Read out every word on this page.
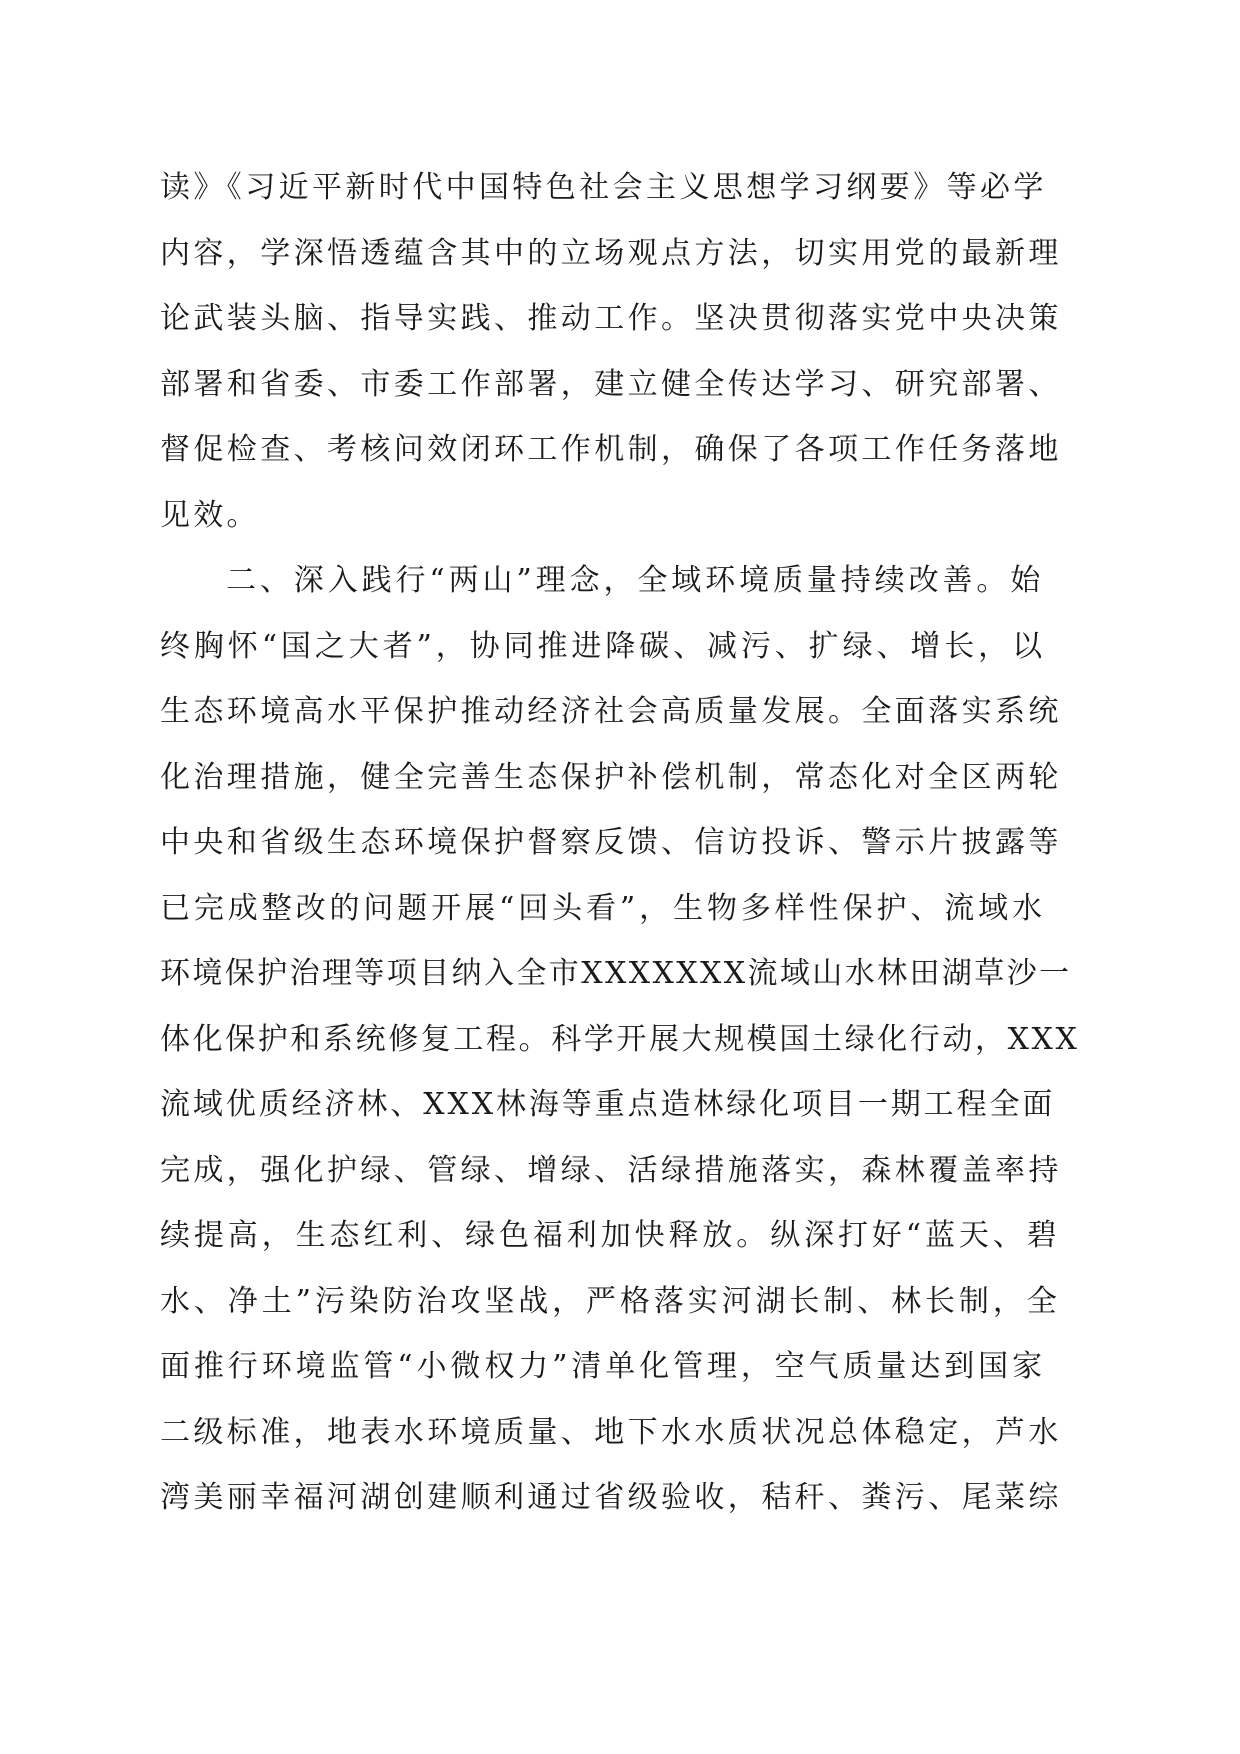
读》《习近平新时代中国特色社会主义思想学习纲要》等必学
内容，学深悟透蕴含其中的立场观点方法，切实用党的最新理
论武装头脑、指导实践、推动工作。坚决贯彻落实党中央决策
部署和省委、市委工作部署，建立健全传达学习、研究部署、
督促检查、考核问效闭环工作机制，确保了各项工作任务落地
见效。
二、深入践行“两山”理念，全域环境质量持续改善。始
终胸怀“国之大者”，协同推进降碳、减污、扩绿、增长，以
生态环境高水平保护推动经济社会高质量发展。全面落实系统
化治理措施，健全完善生态保护补偿机制，常态化对全区两轮
中央和省级生态环境保护督察反馈、信访投诉、警示片披露等
已完成整改的问题开展“回头看”，生物多样性保护、流域水
环境保护治理等项目纳入全市XXXXXXX流域山水林田湖草沙一
体化保护和系统修复工程。科学开展大规模国土绿化行动，XXX
流域优质经济林、XXX林海等重点造林绿化项目一期工程全面
完成，强化护绿、管绿、增绿、活绿措施落实，森林覆盖率持
续提高，生态红利、绿色福利加快释放。纵深打好“蓝天、碧
水、净土”污染防治攻坚战，严格落实河湖长制、林长制，全
面推行环境监管“小微权力”清单化管理，空气质量达到国家
二级标准，地表水环境质量、地下水水质状况总体稳定，芦水
湾美丽幸福河湖创建顺利通过省级验收，秸秆、粪污、尾菜综
